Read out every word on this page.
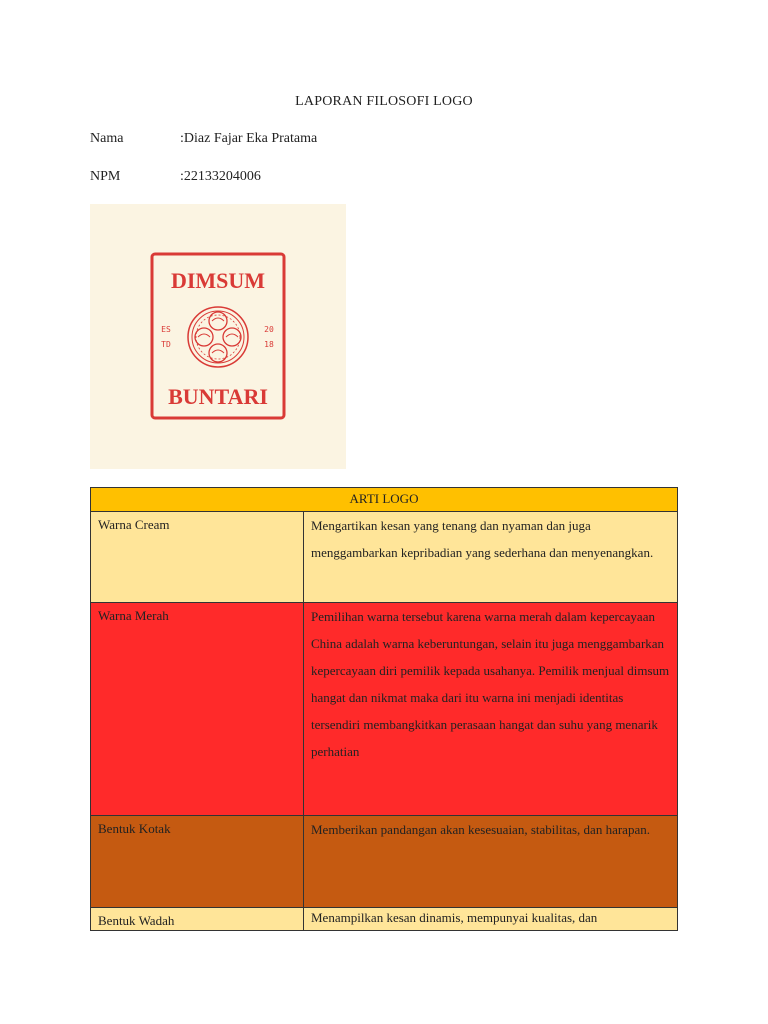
LAPORAN FILOSOFI LOGO
Nama	:Diaz Fajar Eka Pratama
NPM	:22133204006
DIMSUM
ES
TD
20
18
BUNTARI
ARTI LOGO	
Warna Cream	Mengartikan kesan yang tenang dan nyaman dan juga menggambarkan kepribadian yang sederhana dan menyenangkan.
Warna Merah	Pemilihan warna tersebut karena warna merah dalam kepercayaan China adalah warna keberuntungan, selain itu juga menggambarkan kepercayaan diri pemilik kepada usahanya. Pemilik menjual dimsum hangat dan nikmat maka dari itu warna ini menjadi identitas tersendiri membangkitkan perasaan hangat dan suhu yang menarik perhatian
Bentuk Kotak	Memberikan pandangan akan kesesuaian, stabilitas, dan harapan.
Bentuk Wadah	Menampilkan kesan dinamis, mempunyai kualitas, dan
